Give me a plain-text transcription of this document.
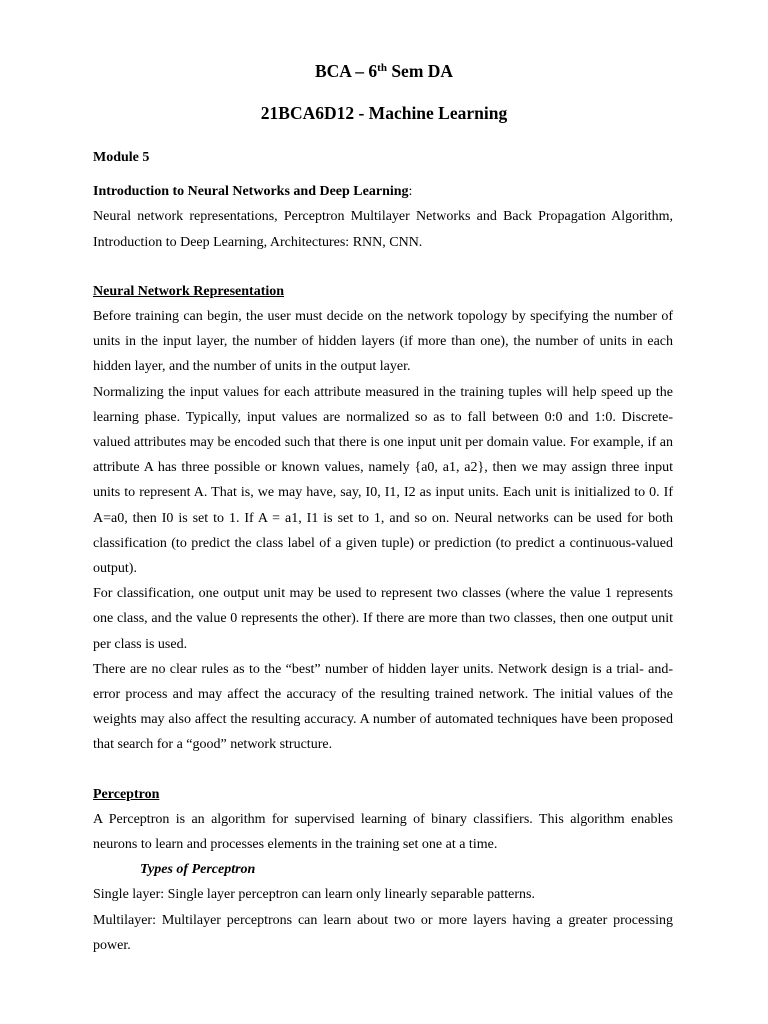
BCA – 6th Sem DA
21BCA6D12 - Machine Learning

Module 5

Introduction to Neural Networks and Deep Learning:

Neural network representations, Perceptron Multilayer Networks and Back Propagation Algorithm, Introduction to Deep Learning, Architectures: RNN, CNN.

Neural Network Representation

Before training can begin, the user must decide on the network topology by specifying the number of units in the input layer, the number of hidden layers (if more than one), the number of units in each hidden layer, and the number of units in the output layer.

Normalizing the input values for each attribute measured in the training tuples will help speed up the learning phase. Typically, input values are normalized so as to fall between 0:0 and 1:0. Discrete-valued attributes may be encoded such that there is one input unit per domain value. For example, if an attribute A has three possible or known values, namely {a0, a1, a2}, then we may assign three input units to represent A. That is, we may have, say, I0, I1, I2 as input units. Each unit is initialized to 0. If A=a0, then I0 is set to 1. If A = a1, I1 is set to 1, and so on. Neural networks can be used for both classification (to predict the class label of a given tuple) or prediction (to predict a continuous-valued output).

For classification, one output unit may be used to represent two classes (where the value 1 represents one class, and the value 0 represents the other). If there are more than two classes, then one output unit per class is used.

There are no clear rules as to the “best” number of hidden layer units. Network design is a trial- and-error process and may affect the accuracy of the resulting trained network. The initial values of the weights may also affect the resulting accuracy. A number of automated techniques have been proposed that search for a “good” network structure.

Perceptron

A Perceptron is an algorithm for supervised learning of binary classifiers. This algorithm enables neurons to learn and processes elements in the training set one at a time.

Types of Perceptron

Single layer: Single layer perceptron can learn only linearly separable patterns.

Multilayer: Multilayer perceptrons can learn about two or more layers having a greater processing power.
